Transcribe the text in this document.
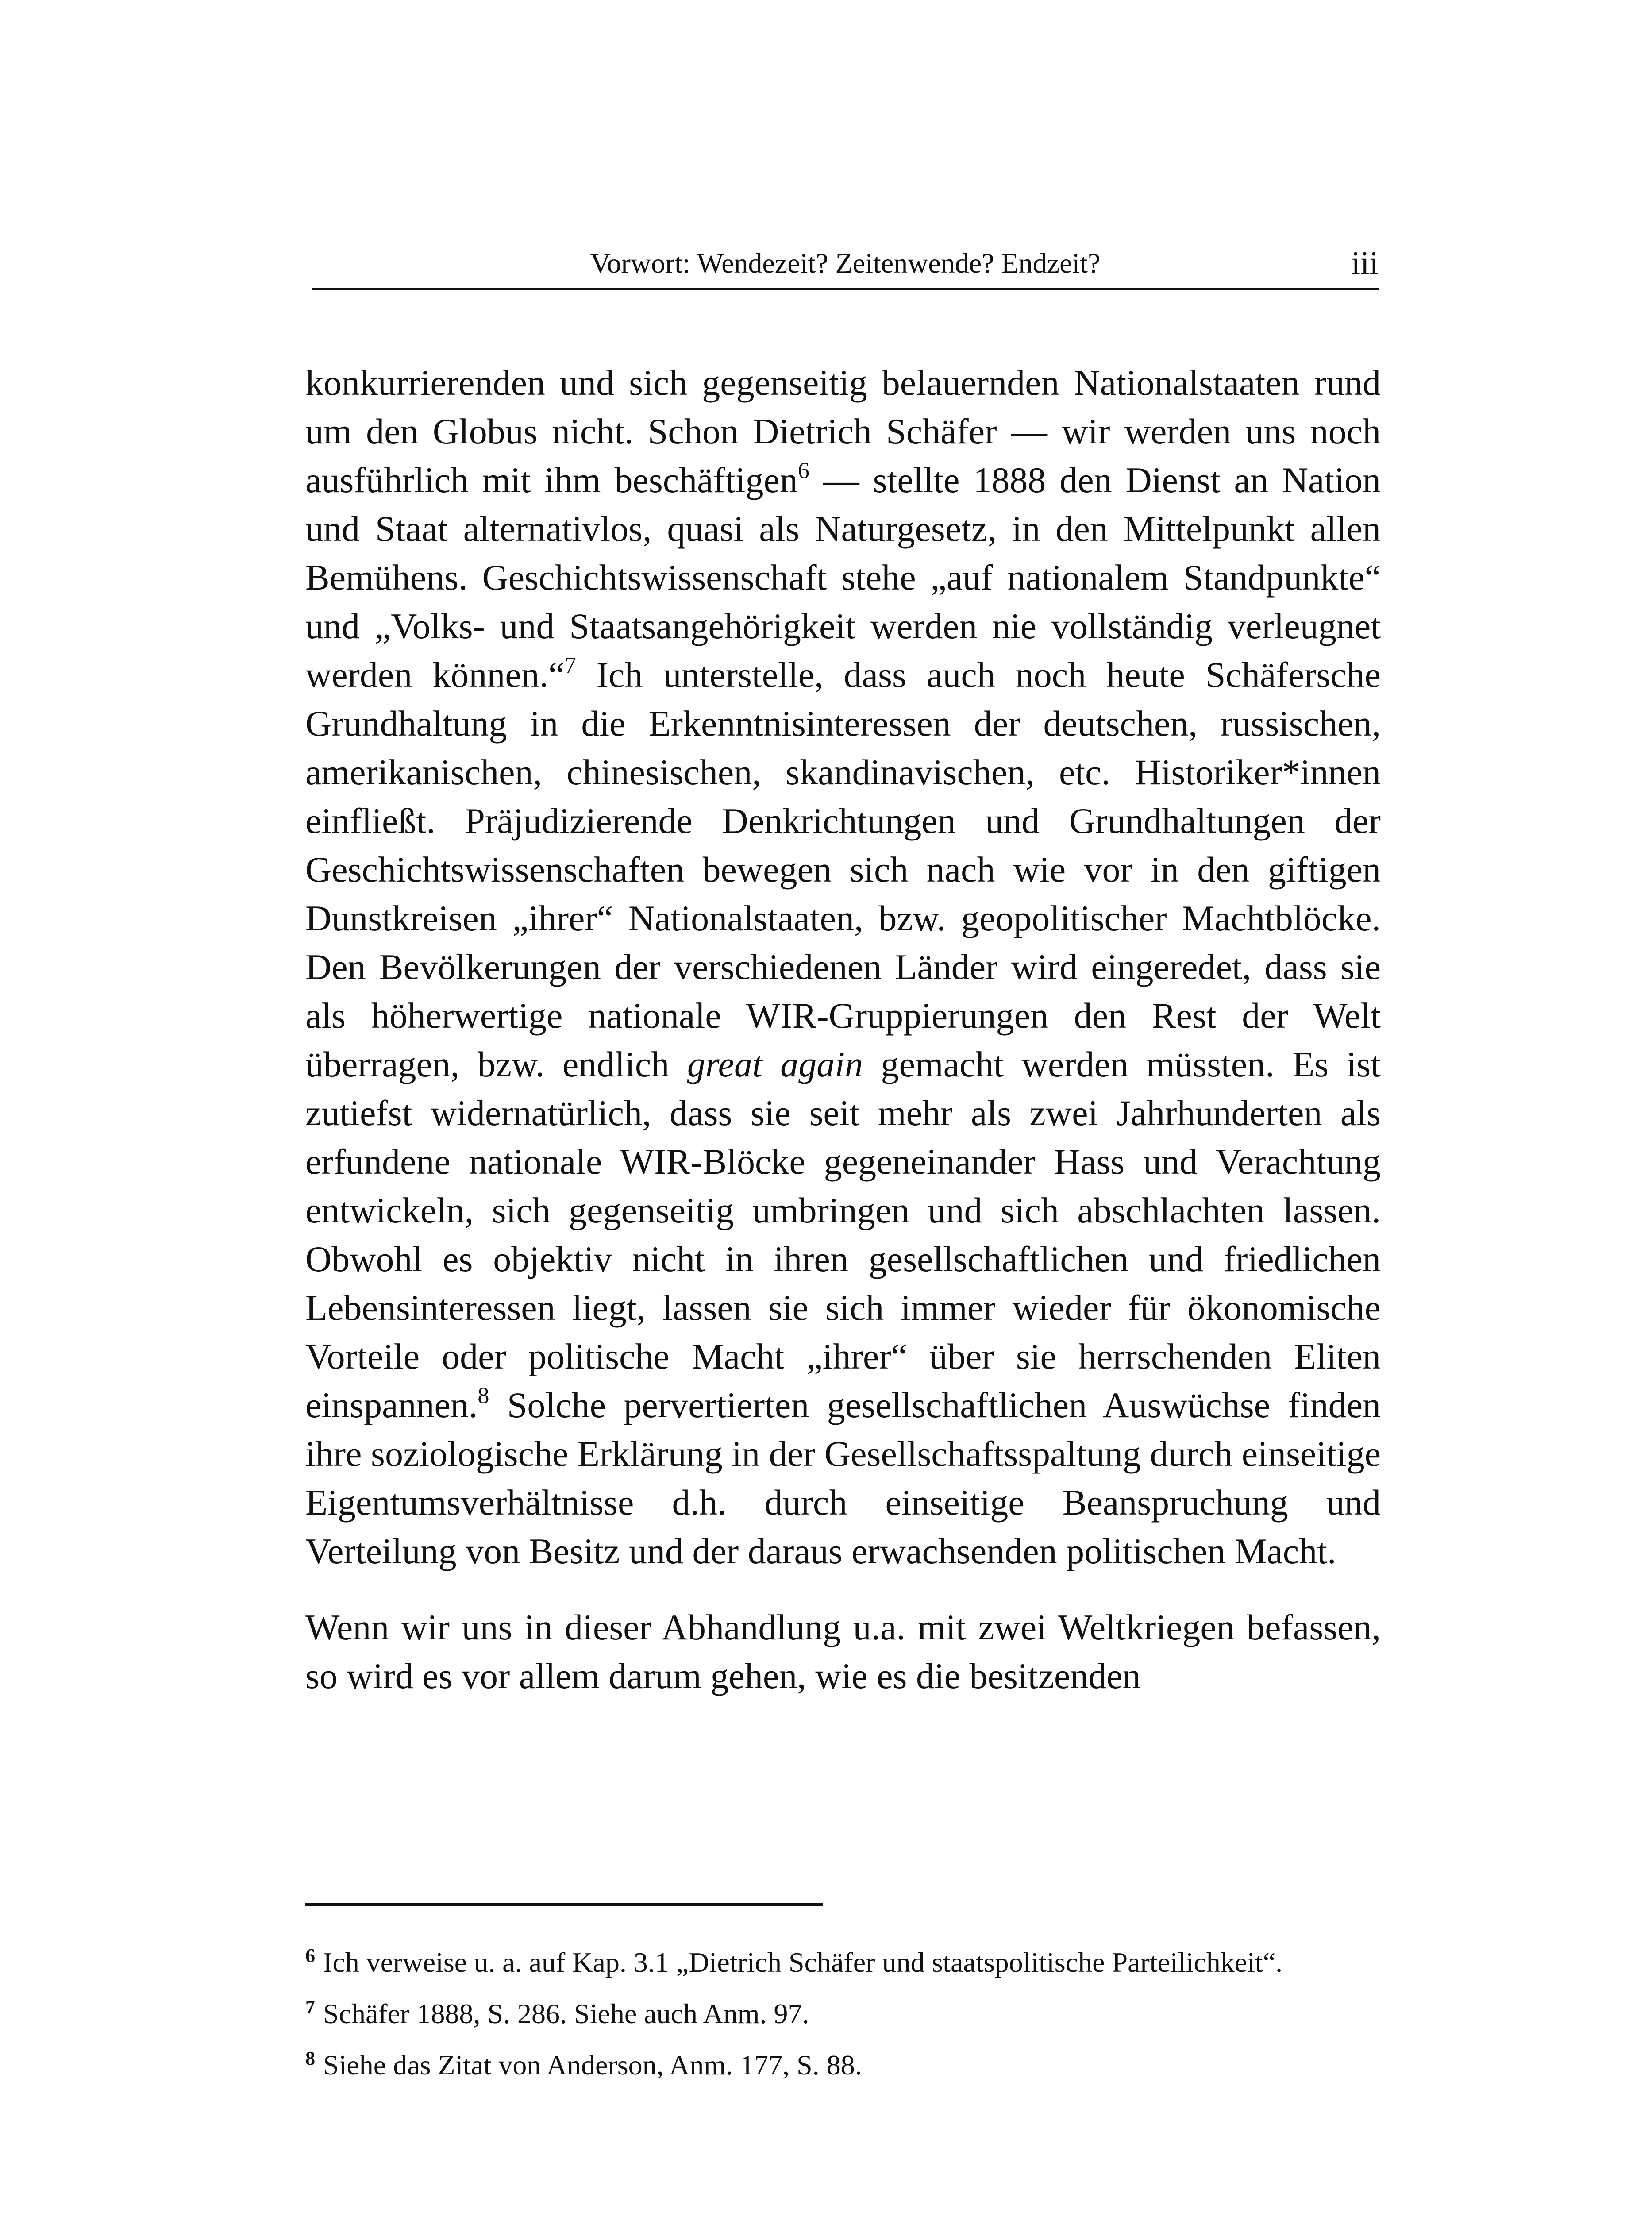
Vorwort: Wendezeit? Zeitenwende? Endzeit?	iii

konkurrierenden und sich gegenseitig belauernden Nationalstaaten rund um den Globus nicht. Schon Dietrich Schäfer — wir werden uns noch ausführlich mit ihm beschäftigen$^6$ — stellte 1888 den Dienst an Nation und Staat alternativlos, quasi als Naturgesetz, in den Mittelpunkt allen Bemühens. Geschichtswissenschaft stehe „auf nationalem Standpunkte“ und „Volks- und Staatsangehörigkeit werden nie vollständig verleugnet werden können.“$^7$ Ich unterstelle, dass auch noch heute Schäfersche Grundhaltung in die Erkenntnisinteressen der deutschen, russischen, amerikanischen, chinesischen, skandinavischen, etc. Historiker*innen einfließt. Präjudizierende Denkrichtungen und Grundhaltungen der Geschichtswissenschaften bewegen sich nach wie vor in den giftigen Dunstkreisen „ihrer“ Nationalstaaten, bzw. geopolitischer Machtblöcke. Den Bevölkerungen der verschiedenen Länder wird eingeredet, dass sie als höherwertige nationale WIR-Gruppierungen den Rest der Welt überragen, bzw. endlich great again gemacht werden müssten. Es ist zutiefst widernatürlich, dass sie seit mehr als zwei Jahrhunderten als erfundene nationale WIR-Blöcke gegeneinander Hass und Verachtung entwickeln, sich gegenseitig umbringen und sich abschlachten lassen. Obwohl es objektiv nicht in ihren gesellschaftlichen und friedlichen Lebensinteressen liegt, lassen sie sich immer wieder für ökonomische Vorteile oder politische Macht „ihrer“ über sie herrschenden Eliten einspannen.$^8$ Solche pervertierten gesellschaftlichen Auswüchse finden ihre soziologische Erklärung in der Gesellschaftsspaltung durch einseitige Eigentumsverhältnisse d.h. durch einseitige Beanspruchung und Verteilung von Besitz und der daraus erwachsenden politischen Macht.

Wenn wir uns in dieser Abhandlung u.a. mit zwei Weltkriegen befassen, so wird es vor allem darum gehen, wie es die besitzenden

6 Ich verweise u. a. auf Kap. 3.1 „Dietrich Schäfer und staatspolitische Parteilichkeit“.
7 Schäfer 1888, S. 286. Siehe auch Anm. 97.
8 Siehe das Zitat von Anderson, Anm. 177, S. 88.
